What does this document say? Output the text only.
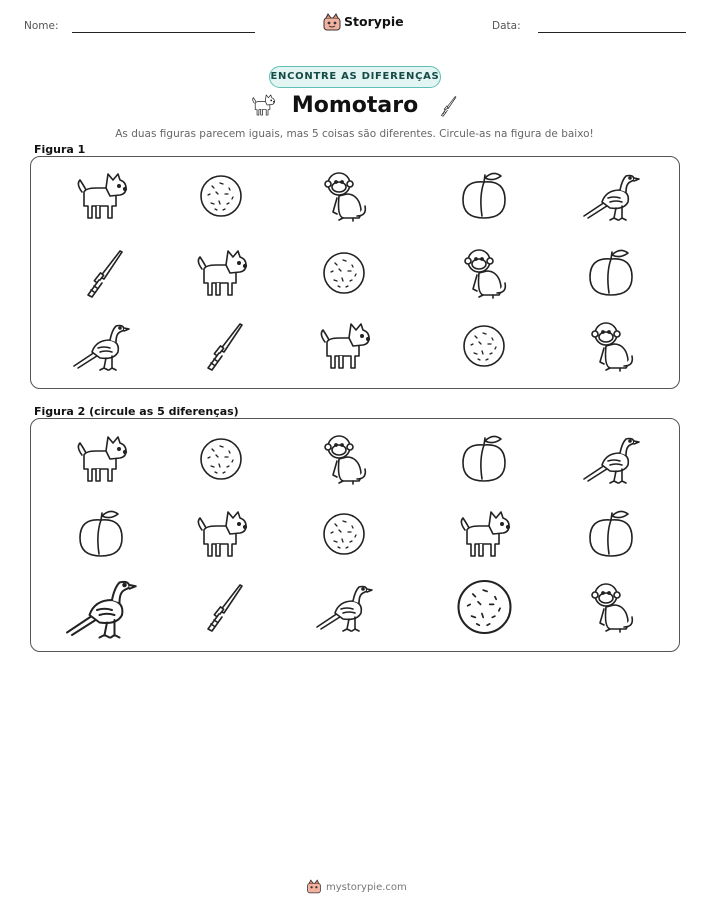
Nome:	Storypie	Data:
ENCONTRE AS DIFERENÇAS
Momotaro
As duas figuras parecem iguais, mas 5 coisas são diferentes. Circule-as na figura de baixo!
Figura 1
Figura 2 (circule as 5 diferenças)
mystorypie.com
